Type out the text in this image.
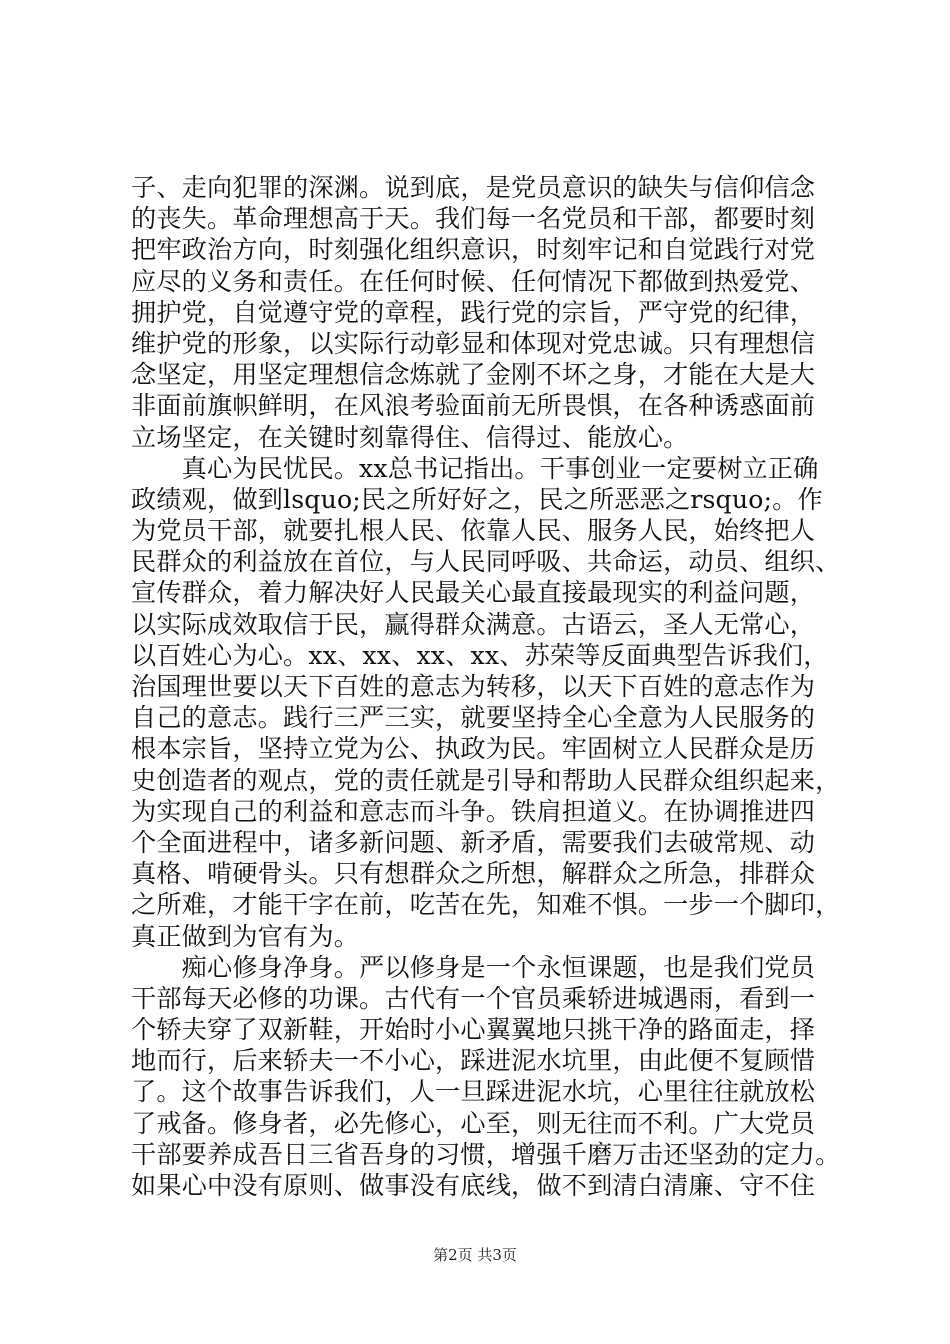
子、走向犯罪的深渊。说到底，是党员意识的缺失与信仰信念
的丧失。革命理想高于天。我们每一名党员和干部，都要时刻
把牢政治方向，时刻强化组织意识，时刻牢记和自觉践行对党
应尽的义务和责任。在任何时候、任何情况下都做到热爱党、
拥护党，自觉遵守党的章程，践行党的宗旨，严守党的纪律，
维护党的形象，以实际行动彰显和体现对党忠诚。只有理想信
念坚定，用坚定理想信念炼就了金刚不坏之身，才能在大是大
非面前旗帜鲜明，在风浪考验面前无所畏惧，在各种诱惑面前
立场坚定，在关键时刻靠得住、信得过、能放心。
　　真心为民忧民。xx总书记指出。干事创业一定要树立正确
政绩观，做到lsquo;民之所好好之，民之所恶恶之rsquo;。作
为党员干部，就要扎根人民、依靠人民、服务人民，始终把人
民群众的利益放在首位，与人民同呼吸、共命运，动员、组织、
宣传群众，着力解决好人民最关心最直接最现实的利益问题，
以实际成效取信于民，赢得群众满意。古语云，圣人无常心，
以百姓心为心。xx、xx、xx、xx、苏荣等反面典型告诉我们，
治国理世要以天下百姓的意志为转移，以天下百姓的意志作为
自己的意志。践行三严三实，就要坚持全心全意为人民服务的
根本宗旨，坚持立党为公、执政为民。牢固树立人民群众是历
史创造者的观点，党的责任就是引导和帮助人民群众组织起来，
为实现自己的利益和意志而斗争。铁肩担道义。在协调推进四
个全面进程中，诸多新问题、新矛盾，需要我们去破常规、动
真格、啃硬骨头。只有想群众之所想，解群众之所急，排群众
之所难，才能干字在前，吃苦在先，知难不惧。一步一个脚印，
真正做到为官有为。
　　痴心修身净身。严以修身是一个永恒课题，也是我们党员
干部每天必修的功课。古代有一个官员乘轿进城遇雨，看到一
个轿夫穿了双新鞋，开始时小心翼翼地只挑干净的路面走，择
地而行，后来轿夫一不小心，踩进泥水坑里，由此便不复顾惜
了。这个故事告诉我们，人一旦踩进泥水坑，心里往往就放松
了戒备。修身者，必先修心，心至，则无往而不利。广大党员
干部要养成吾日三省吾身的习惯，增强千磨万击还坚劲的定力。
如果心中没有原则、做事没有底线，做不到清白清廉、守不住
第2页 共3页
